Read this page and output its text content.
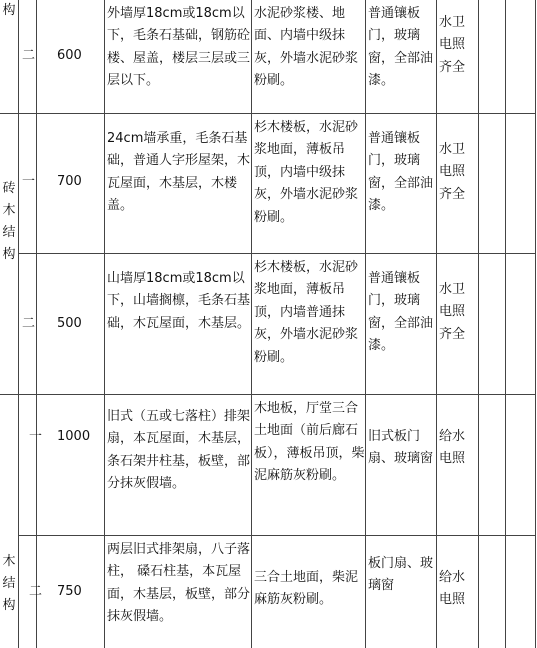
构
二 600
外墙厚18cm或18cm以下，毛条石基础，钢筋砼楼、屋盖，楼层三层或三层以下。
水泥砂浆楼、地面、内墙中级抹灰，外墙水泥砂浆粉刷。
普通镶板门，玻璃窗，全部油漆。
水卫电照齐全
砖木结构
一 700
24cm墙承重，毛条石基础，普通人字形屋架，木瓦屋面，木基层，木楼盖。
杉木楼板，水泥砂浆地面，薄板吊顶，内墙中级抹灰，外墙水泥砂浆粉刷。
普通镶板门，玻璃窗，全部油漆。
水卫电照齐全
二 500
山墙厚18cm或18cm以下，山墙搁檩，毛条石基础，木瓦屋面，木基层。
杉木楼板，水泥砂浆地面，薄板吊顶，内墙普通抹灰，外墙水泥砂浆粉刷。
普通镶板门，玻璃窗，全部油漆。
水卫电照齐全
一 1000
旧式（五或七落柱）排架扇，本瓦屋面，木基层，条石架井柱基，板壁，部分抹灰假墙。
木地板，厅堂三合土地面（前后廊石板），薄板吊顶，柴泥麻筋灰粉刷。
旧式板门扇、玻璃窗
给水电照
木结构
二 750
两层旧式排架扇，八子落柱， 磉石柱基，本瓦屋面，木基层，板壁，部分抹灰假墙。
三合土地面，柴泥麻筋灰粉刷。
板门扇、玻璃窗
给水电照
